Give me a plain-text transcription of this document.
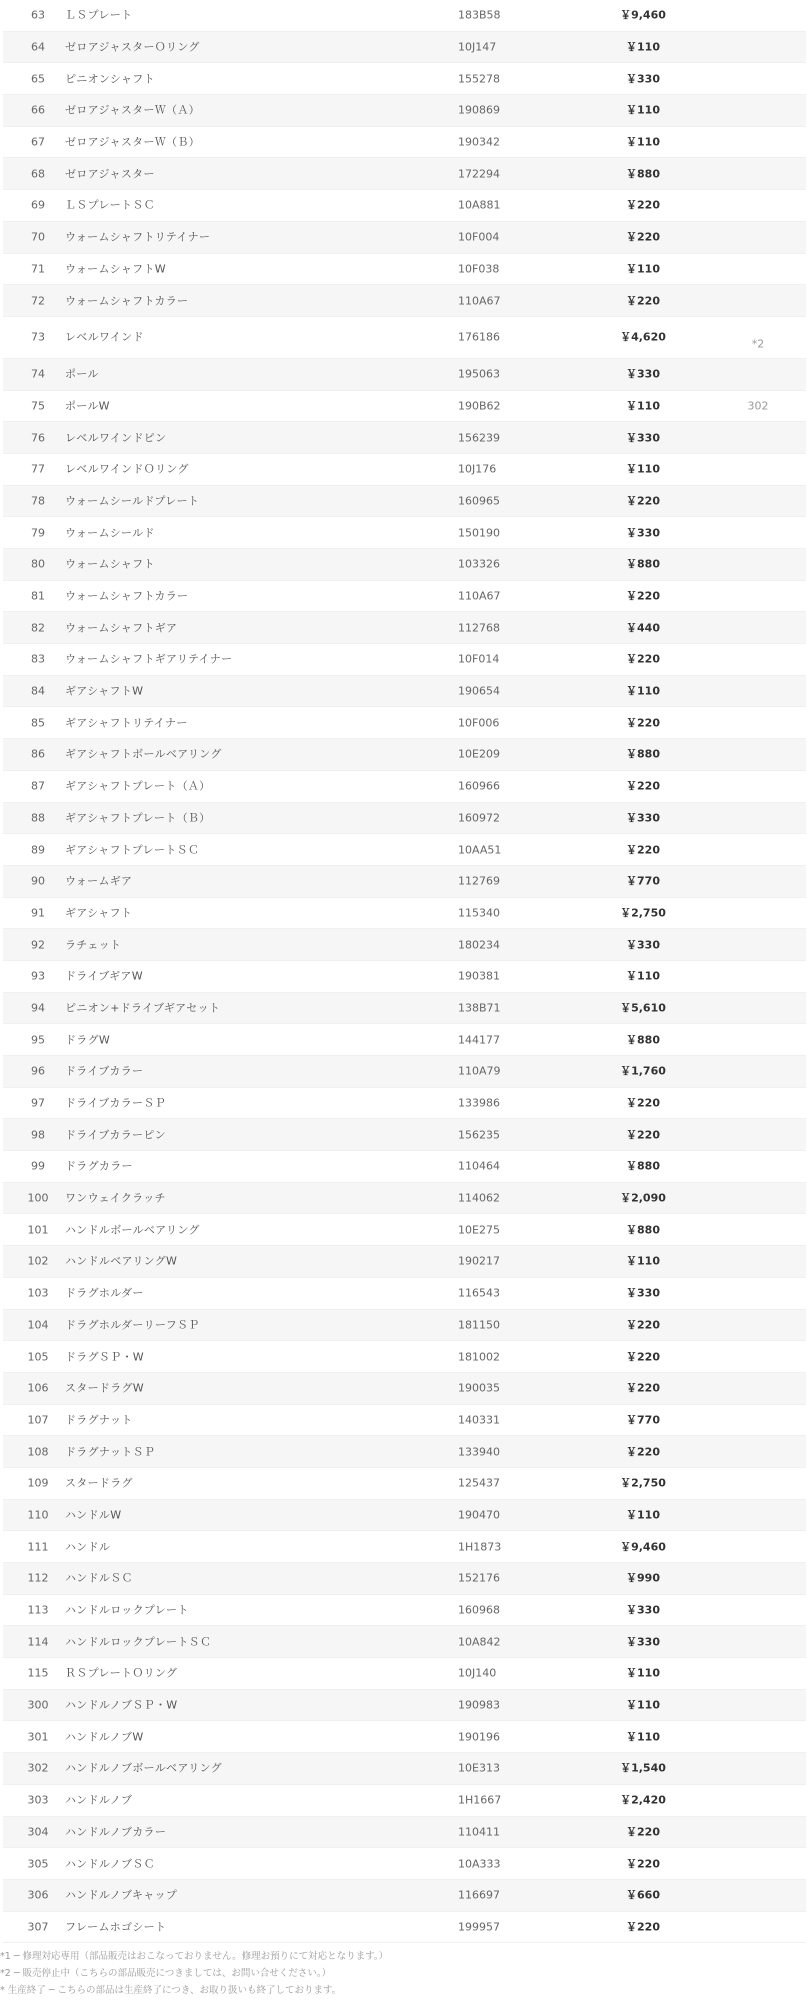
63	ＬＳプレート	183B58	￥9,460
64	ゼロアジャスターＯリング	10J147	￥110
65	ピニオンシャフト	155278	￥330
66	ゼロアジャスターＷ（Ａ）	190869	￥110
67	ゼロアジャスターＷ（Ｂ）	190342	￥110
68	ゼロアジャスター	172294	￥880
69	ＬＳプレートＳＣ	10A881	￥220
70	ウォームシャフトリテイナー	10F004	￥220
71	ウォームシャフトW	10F038	￥110
72	ウォームシャフトカラー	110A67	￥220
73	レベルワインド	176186	￥4,620	*2
74	ポール	195063	￥330
75	ポールW	190B62	￥110	302
76	レベルワインドピン	156239	￥330
77	レベルワインドＯリング	10J176	￥110
78	ウォームシールドプレート	160965	￥220
79	ウォームシールド	150190	￥330
80	ウォームシャフト	103326	￥880
81	ウォームシャフトカラー	110A67	￥220
82	ウォームシャフトギア	112768	￥440
83	ウォームシャフトギアリテイナー	10F014	￥220
84	ギアシャフトW	190654	￥110
85	ギアシャフトリテイナー	10F006	￥220
86	ギアシャフトボールベアリング	10E209	￥880
87	ギアシャフトプレート（Ａ）	160966	￥220
88	ギアシャフトプレート（Ｂ）	160972	￥330
89	ギアシャフトプレートＳＣ	10AA51	￥220
90	ウォームギア	112769	￥770
91	ギアシャフト	115340	￥2,750
92	ラチェット	180234	￥330
93	ドライブギアW	190381	￥110
94	ピニオン+ドライブギアセット	138B71	￥5,610
95	ドラグW	144177	￥880
96	ドライブカラー	110A79	￥1,760
97	ドライブカラーＳＰ	133986	￥220
98	ドライブカラーピン	156235	￥220
99	ドラグカラー	110464	￥880
100	ワンウェイクラッチ	114062	￥2,090
101	ハンドルボールベアリング	10E275	￥880
102	ハンドルベアリングW	190217	￥110
103	ドラグホルダー	116543	￥330
104	ドラグホルダーリーフＳＰ	181150	￥220
105	ドラグＳＰ・W	181002	￥220
106	スタードラグW	190035	￥220
107	ドラグナット	140331	￥770
108	ドラグナットＳＰ	133940	￥220
109	スタードラグ	125437	￥2,750
110	ハンドルW	190470	￥110
111	ハンドル	1H1873	￥9,460
112	ハンドルＳＣ	152176	￥990
113	ハンドルロックプレート	160968	￥330
114	ハンドルロックプレートＳＣ	10A842	￥330
115	ＲＳプレートＯリング	10J140	￥110
300	ハンドルノブＳＰ・W	190983	￥110
301	ハンドルノブW	190196	￥110
302	ハンドルノブボールベアリング	10E313	￥1,540
303	ハンドルノブ	1H1667	￥2,420
304	ハンドルノブカラー	110411	￥220
305	ハンドルノブＳＣ	10A333	￥220
306	ハンドルノブキャップ	116697	￥660
307	フレームホゴシート	199957	￥220
*1 ─ 修理対応専用（部品販売はおこなっておりません。修理お預りにて対応となります。）
*2 ─ 販売停止中（こちらの部品販売につきましては、お問い合せください。）
* 生産終了 ─ こちらの部品は生産終了につき、お取り扱いも終了しております。
